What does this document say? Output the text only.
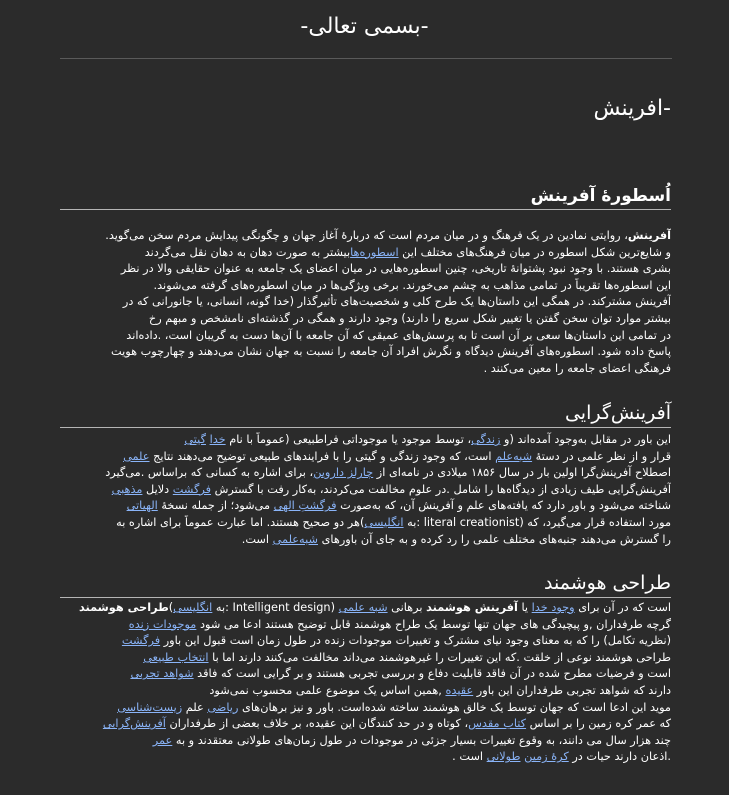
-بسمی تعالی-
-افرینش
اُسطورهٔ آفرینش
آفرینش، روایتی نمادین در یک فرهنگ و در میان مردم است که دربارهٔ آغاز جهان و چگونگی پیدایش مردم سخن می‌گوید.
و شایع‌ترین شکل اسطوره در میان فرهنگ‌های مختلف این اسطوره‌هابیشتر به صورت دهان به دهان نقل می‌گردند
بشری هستند. با وجود نبود پشتوانهٔ تاریخی، چنین اسطوره‌هایی در میان اعضای یک جامعه به عنوان حقایقی والا در نظر
این اسطوره‌ها تقریباً در تمامی مذاهب به چشم می‌خورند. برخی ویژگی‌ها در میان اسطوره‌های گرفته می‌شوند.
آفرینش مشترکند. در همگی این داستان‌ها یک طرح کلی و شخصیت‌های تأثیرگذار (خدا گونه، انسانی، یا جانورانی که در
بیشتر موارد توان سخن گفتن یا تغییر شکل سریع را دارند) وجود دارند و همگی در گذشته‌ای نامشخص و مبهم رخ
در تمامی این داستان‌ها سعی بر آن است تا به پرسش‌های عمیقی که آن جامعه با آن‌ها دست به گریبان است، .داده‌اند
پاسخ داده شود. اسطوره‌های آفرینش دیدگاه و نگرش افراد آن جامعه را نسبت به جهان نشان می‌دهند و چهارچوب هویت
فرهنگی اعضای جامعه را معین می‌کنند .
آفرینش‌گرایی
این باور در مقابل به‌وجود آمده‌اند (و زندگی، توسط موجود یا موجوداتی فراطبیعی (عموماً با نام خدا گیتی
قرار و از نظر علمی در دستهٔ شبه‌علم است، که وجود زندگی و گیتی را با فرایندهای طبیعی توضیح می‌دهند نتایج علمی
اصطلاح آفرینش‌گرا اولین بار در سال ۱۸۵۶ میلادی در نامه‌ای از چارلز داروین، برای اشاره به کسانی که براساس .می‌گیرد
آفرینش‌گرایی طیف زیادی از دیدگاه‌ها را شامل .در علوم مخالفت می‌کردند، به‌کار رفت با گسترش فرگشت دلایل مذهبی
شناخته می‌شود و باور دارد که یافته‌های علم و آفرینش آن، که به‌صورت فرگشتِ الهی می‌شود؛ از جمله نسخهٔ الهیاتی
مورد استفاده قرار می‌گیرد، که (literal creationist :به انگلیسی)هر دو صحیح هستند. اما عبارت عموماً برای اشاره به
را گسترش می‌دهند جنبه‌های مختلف علمی را رد کرده و به جای آن باورهای شبه‌علمی است.
طراحی هوشمند
است که در آن برای وجود خدا یا آفرینش هوشمند برهانی شبه علمی (Intelligent design :به انگلیسی)طراحی هوشمند
گرچه طرفداران ,و پیچیدگی های جهان تنها توسط یک طراح هوشمند قابل توضیح هستند ادعا می شود موجودات زنده
(نظریه تکامل) را که به معنای وجود نیای مشترک و تغییرات موجودات زنده در طول زمان است قبول این باور فرگشت
طراحی هوشمند نوعی از خلقت .که این تغییرات را غیرهوشمند می‌داند مخالفت می‌کنند دارند اما با انتخاب طبیعی
است و فرضیات مطرح شده در آن فاقد قابلیت دفاع و بررسی تجربی هستند و بر گرایی است که فاقد شواهد تجربی
دارند که شواهد تجربی طرفداران این باور عقیده ,همین اساس یک موضوع علمی محسوب نمی‌شود
موید این ادعا است که جهان توسط یک خالق هوشمند ساخته شده‌است. باور و نیز برهان‌های ریاضی علم زیست‌شناسی
که عمر کره زمین را بر اساس کتاب مقدس، کوتاه و در حد کنندگان این عقیده، بر خلاف بعضی از طرفداران آفرینش‌گرایی
چند هزار سال می دانند، به وقوع تغییرات بسیار جزئی در موجودات در طول زمان‌های طولانی معتقدند و به عمر
.اذعان دارند حیات در کرهٔ زمین طولانی است .
